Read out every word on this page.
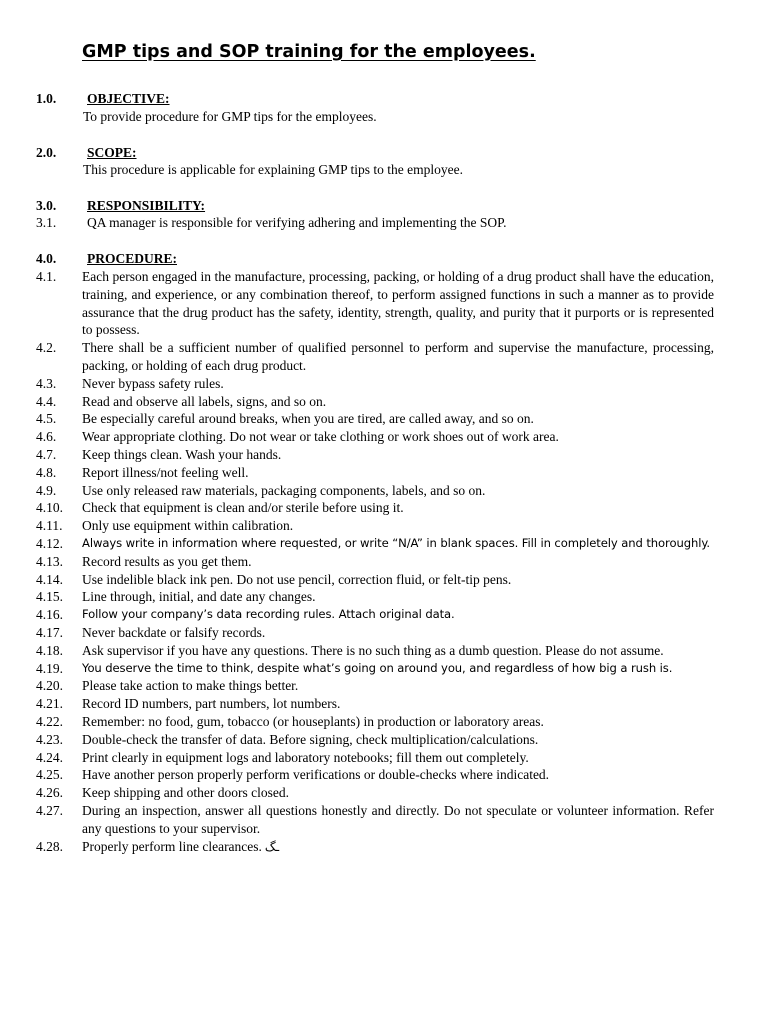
GMP tips and SOP training for the employees.
1.0. OBJECTIVE:
To provide procedure for GMP tips for the employees.
2.0. SCOPE:
This procedure is applicable for explaining GMP tips to the employee.
3.0. RESPONSIBILITY:
3.1. QA manager is responsible for verifying adhering and implementing the SOP.
4.0. PROCEDURE:
4.1.	Each person engaged in the manufacture, processing, packing, or holding of a drug product shall have the education, training, and experience, or any combination thereof, to perform assigned functions in such a manner as to provide assurance that the drug product has the safety, identity, strength, quality, and purity that it purports or is represented to possess.
4.2.	There shall be a sufficient number of qualified personnel to perform and supervise the manufacture, processing, packing, or holding of each drug product.
4.3.	Never bypass safety rules.
4.4.	Read and observe all labels, signs, and so on.
4.5.	Be especially careful around breaks, when you are tired, are called away, and so on.
4.6.	Wear appropriate clothing. Do not wear or take clothing or work shoes out of work area.
4.7.	Keep things clean. Wash your hands.
4.8.	Report illness/not feeling well.
4.9.	Use only released raw materials, packaging components, labels, and so on.
4.10.	Check that equipment is clean and/or sterile before using it.
4.11.	Only use equipment within calibration.
4.12.	Always write in information where requested, or write “N/A” in blank spaces. Fill in completely and thoroughly.
4.13.	Record results as you get them.
4.14.	Use indelible black ink pen. Do not use pencil, correction fluid, or felt-tip pens.
4.15.	Line through, initial, and date any changes.
4.16.	Follow your company’s data recording rules. Attach original data.
4.17.	Never backdate or falsify records.
4.18.	Ask supervisor if you have any questions. There is no such thing as a dumb question. Please do not assume.
4.19.	You deserve the time to think, despite what’s going on around you, and regardless of how big a rush is.
4.20.	Please take action to make things better.
4.21.	Record ID numbers, part numbers, lot numbers.
4.22.	Remember: no food, gum, tobacco (or houseplants) in production or laboratory areas.
4.23.	Double-check the transfer of data. Before signing, check multiplication/calculations.
4.24.	Print clearly in equipment logs and laboratory notebooks; fill them out completely.
4.25.	Have another person properly perform verifications or double-checks where indicated.
4.26.	Keep shipping and other doors closed.
4.27.	During an inspection, answer all questions honestly and directly. Do not speculate or volunteer information. Refer any questions to your supervisor.
4.28.	Properly perform line clearances. ـگ
